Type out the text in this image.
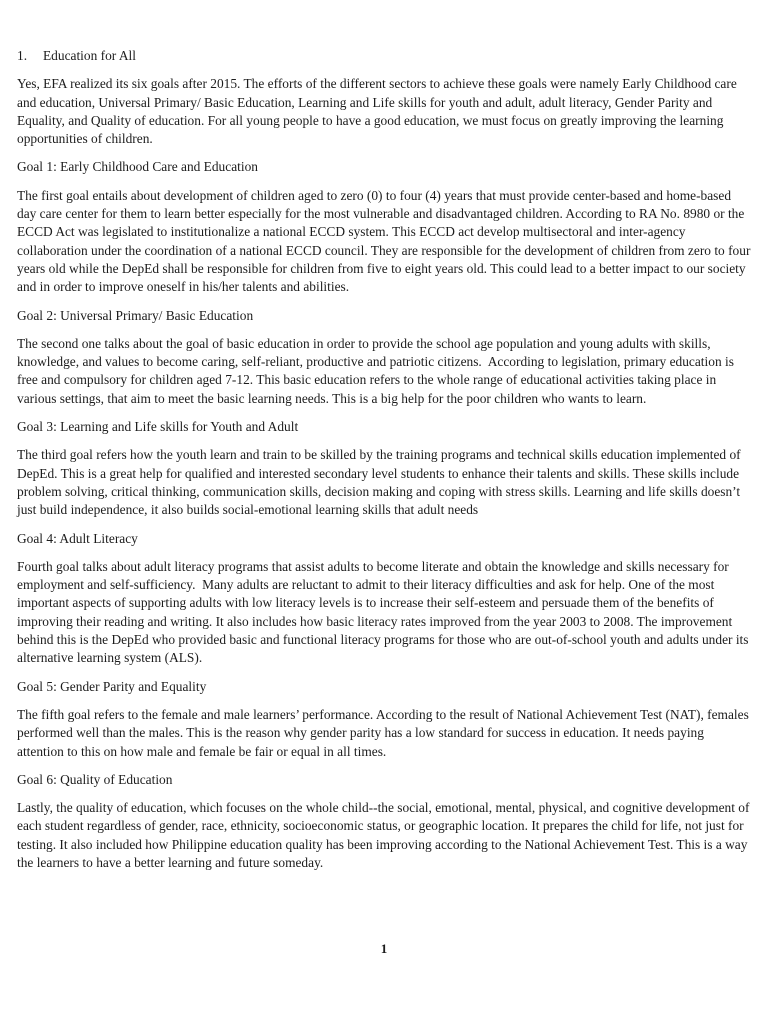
1. Education for All

Yes, EFA realized its six goals after 2015. The efforts of the different sectors to achieve these goals were namely Early Childhood care and education, Universal Primary/ Basic Education, Learning and Life skills for youth and adult, adult literacy, Gender Parity and Equality, and Quality of education. For all young people to have a good education, we must focus on greatly improving the learning opportunities of children.

Goal 1: Early Childhood Care and Education

The first goal entails about development of children aged to zero (0) to four (4) years that must provide center-based and home-based day care center for them to learn better especially for the most vulnerable and disadvantaged children. According to RA No. 8980 or the ECCD Act was legislated to institutionalize a national ECCD system. This ECCD act develop multisectoral and inter-agency collaboration under the coordination of a national ECCD council. They are responsible for the development of children from zero to four years old while the DepEd shall be responsible for children from five to eight years old. This could lead to a better impact to our society and in order to improve oneself in his/her talents and abilities.

Goal 2: Universal Primary/ Basic Education

The second one talks about the goal of basic education in order to provide the school age population and young adults with skills, knowledge, and values to become caring, self-reliant, productive and patriotic citizens.  According to legislation, primary education is free and compulsory for children aged 7-12. This basic education refers to the whole range of educational activities taking place in various settings, that aim to meet the basic learning needs. This is a big help for the poor children who wants to learn.

Goal 3: Learning and Life skills for Youth and Adult

The third goal refers how the youth learn and train to be skilled by the training programs and technical skills education implemented of DepEd. This is a great help for qualified and interested secondary level students to enhance their talents and skills. These skills include problem solving, critical thinking, communication skills, decision making and coping with stress skills. Learning and life skills doesn’t just build independence, it also builds social-emotional learning skills that adult needs

Goal 4: Adult Literacy

Fourth goal talks about adult literacy programs that assist adults to become literate and obtain the knowledge and skills necessary for employment and self-sufficiency.  Many adults are reluctant to admit to their literacy difficulties and ask for help. One of the most important aspects of supporting adults with low literacy levels is to increase their self-esteem and persuade them of the benefits of improving their reading and writing. It also includes how basic literacy rates improved from the year 2003 to 2008. The improvement behind this is the DepEd who provided basic and functional literacy programs for those who are out-of-school youth and adults under its alternative learning system (ALS).

Goal 5: Gender Parity and Equality

The fifth goal refers to the female and male learners’ performance. According to the result of National Achievement Test (NAT), females performed well than the males. This is the reason why gender parity has a low standard for success in education. It needs paying attention to this on how male and female be fair or equal in all times.

Goal 6: Quality of Education

Lastly, the quality of education, which focuses on the whole child--the social, emotional, mental, physical, and cognitive development of each student regardless of gender, race, ethnicity, socioeconomic status, or geographic location. It prepares the child for life, not just for testing. It also included how Philippine education quality has been improving according to the National Achievement Test. This is a way the learners to have a better learning and future someday.

1
